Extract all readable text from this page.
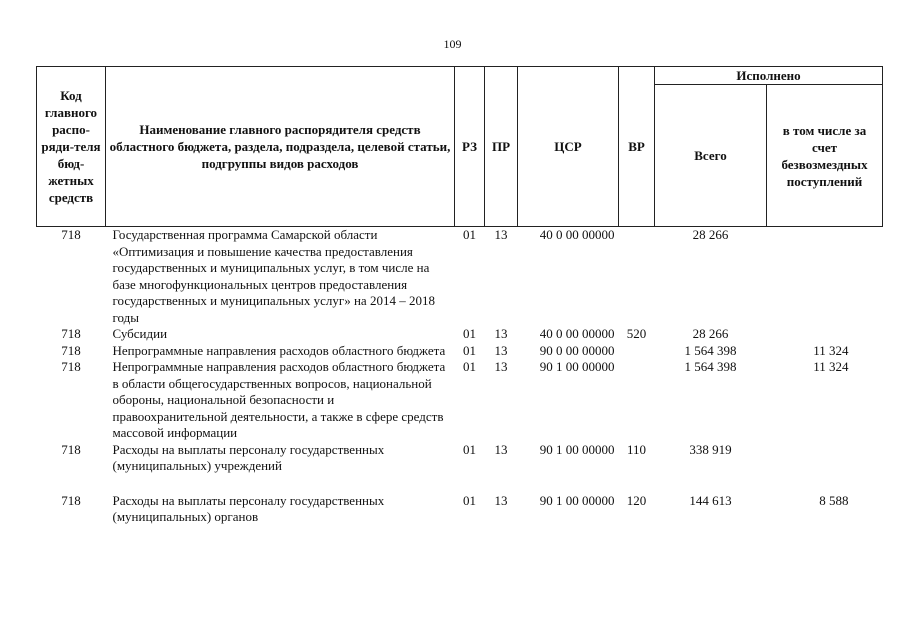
109
Код главного распо-ряди-теля бюд-жетных средств	Наименование главного распорядителя средств областного бюджета, раздела, подраздела, целевой статьи, подгруппы видов расходов	РЗ	ПР	ЦСР	ВР	Исполнено	
						Всего	в том числе за счет безвозмездных поступлений
718	Государственная программа Самарской области «Оптимизация и повышение качества предоставления государственных и муниципальных услуг, в том числе на базе многофункциональных центров предоставления государственных и муниципальных услуг» на 2014 – 2018 годы	01	13	40 0 00 00000		28 266	
718	Субсидии	01	13	40 0 00 00000	520	28 266	
718	Непрограммные направления расходов областного бюджета	01	13	90 0 00 00000		1 564 398	11 324
718	Непрограммные направления расходов областного бюджета в области общегосударственных вопросов, национальной обороны, национальной безопасности и правоохранительной деятельности, а также в сфере средств массовой информации	01	13	90 1 00 00000		1 564 398	11 324
718	Расходы на выплаты персоналу государственных (муниципальных) учреждений	01	13	90 1 00 00000	110	338 919	
718	Расходы на выплаты персоналу государственных (муниципальных) органов	01	13	90 1 00 00000	120	144 613	8 588
